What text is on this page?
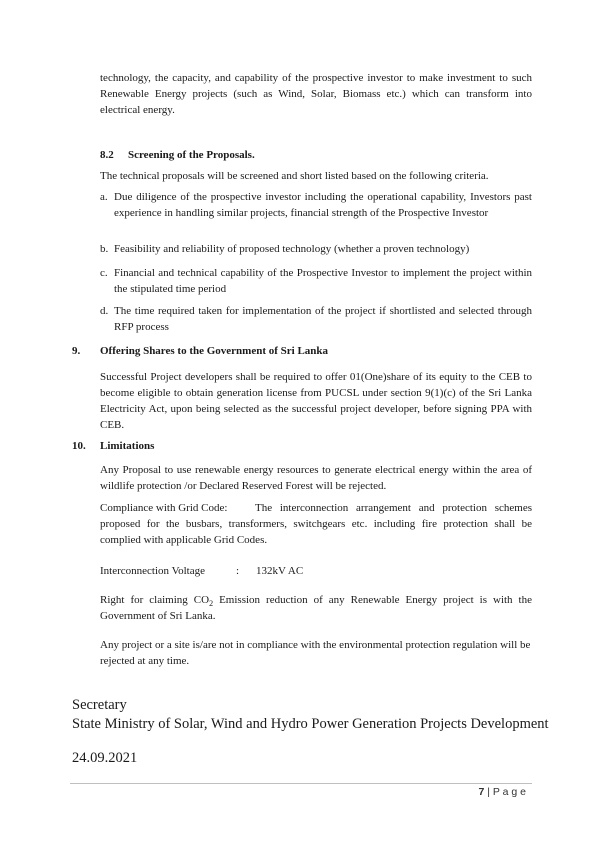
technology, the capacity, and capability of the prospective investor to make investment to such Renewable Energy projects (such as Wind, Solar, Biomass etc.) which can transform into electrical energy.

8.2 Screening of the Proposals.

The technical proposals will be screened and short listed based on the following criteria.

a. Due diligence of the prospective investor including the operational capability, Investors past experience in handling similar projects, financial strength of the Prospective Investor
b. Feasibility and reliability of proposed technology (whether a proven technology)
c. Financial and technical capability of the Prospective Investor to implement the project within the stipulated time period
d. The time required taken for implementation of the project if shortlisted and selected through RFP process
9. Offering Shares to the Government of Sri Lanka

Successful Project developers shall be required to offer 01(One)share of its equity to the CEB to become eligible to obtain generation license from PUCSL under section 9(1)(c) of the Sri Lanka Electricity Act, upon being selected as the successful project developer, before signing PPA with CEB.

10. Limitations

Any Proposal to use renewable energy resources to generate electrical energy within the area of wildlife protection /or Declared Reserved Forest will be rejected.

Compliance with Grid Code:	The interconnection arrangement and protection schemes proposed for the busbars, transformers, switchgears etc. including fire protection shall be complied with applicable Grid Codes.
Interconnection Voltage	: 132kV AC

Right for claiming $CO_2$ Emission reduction of any Renewable Energy project is with the Government of Sri Lanka.

Any project or a site is/are not in compliance with the environmental protection regulation will be rejected at any time.

Secretary
State Ministry of Solar, Wind and Hydro Power Generation Projects Development
24.09.2021
7 | P a g e
